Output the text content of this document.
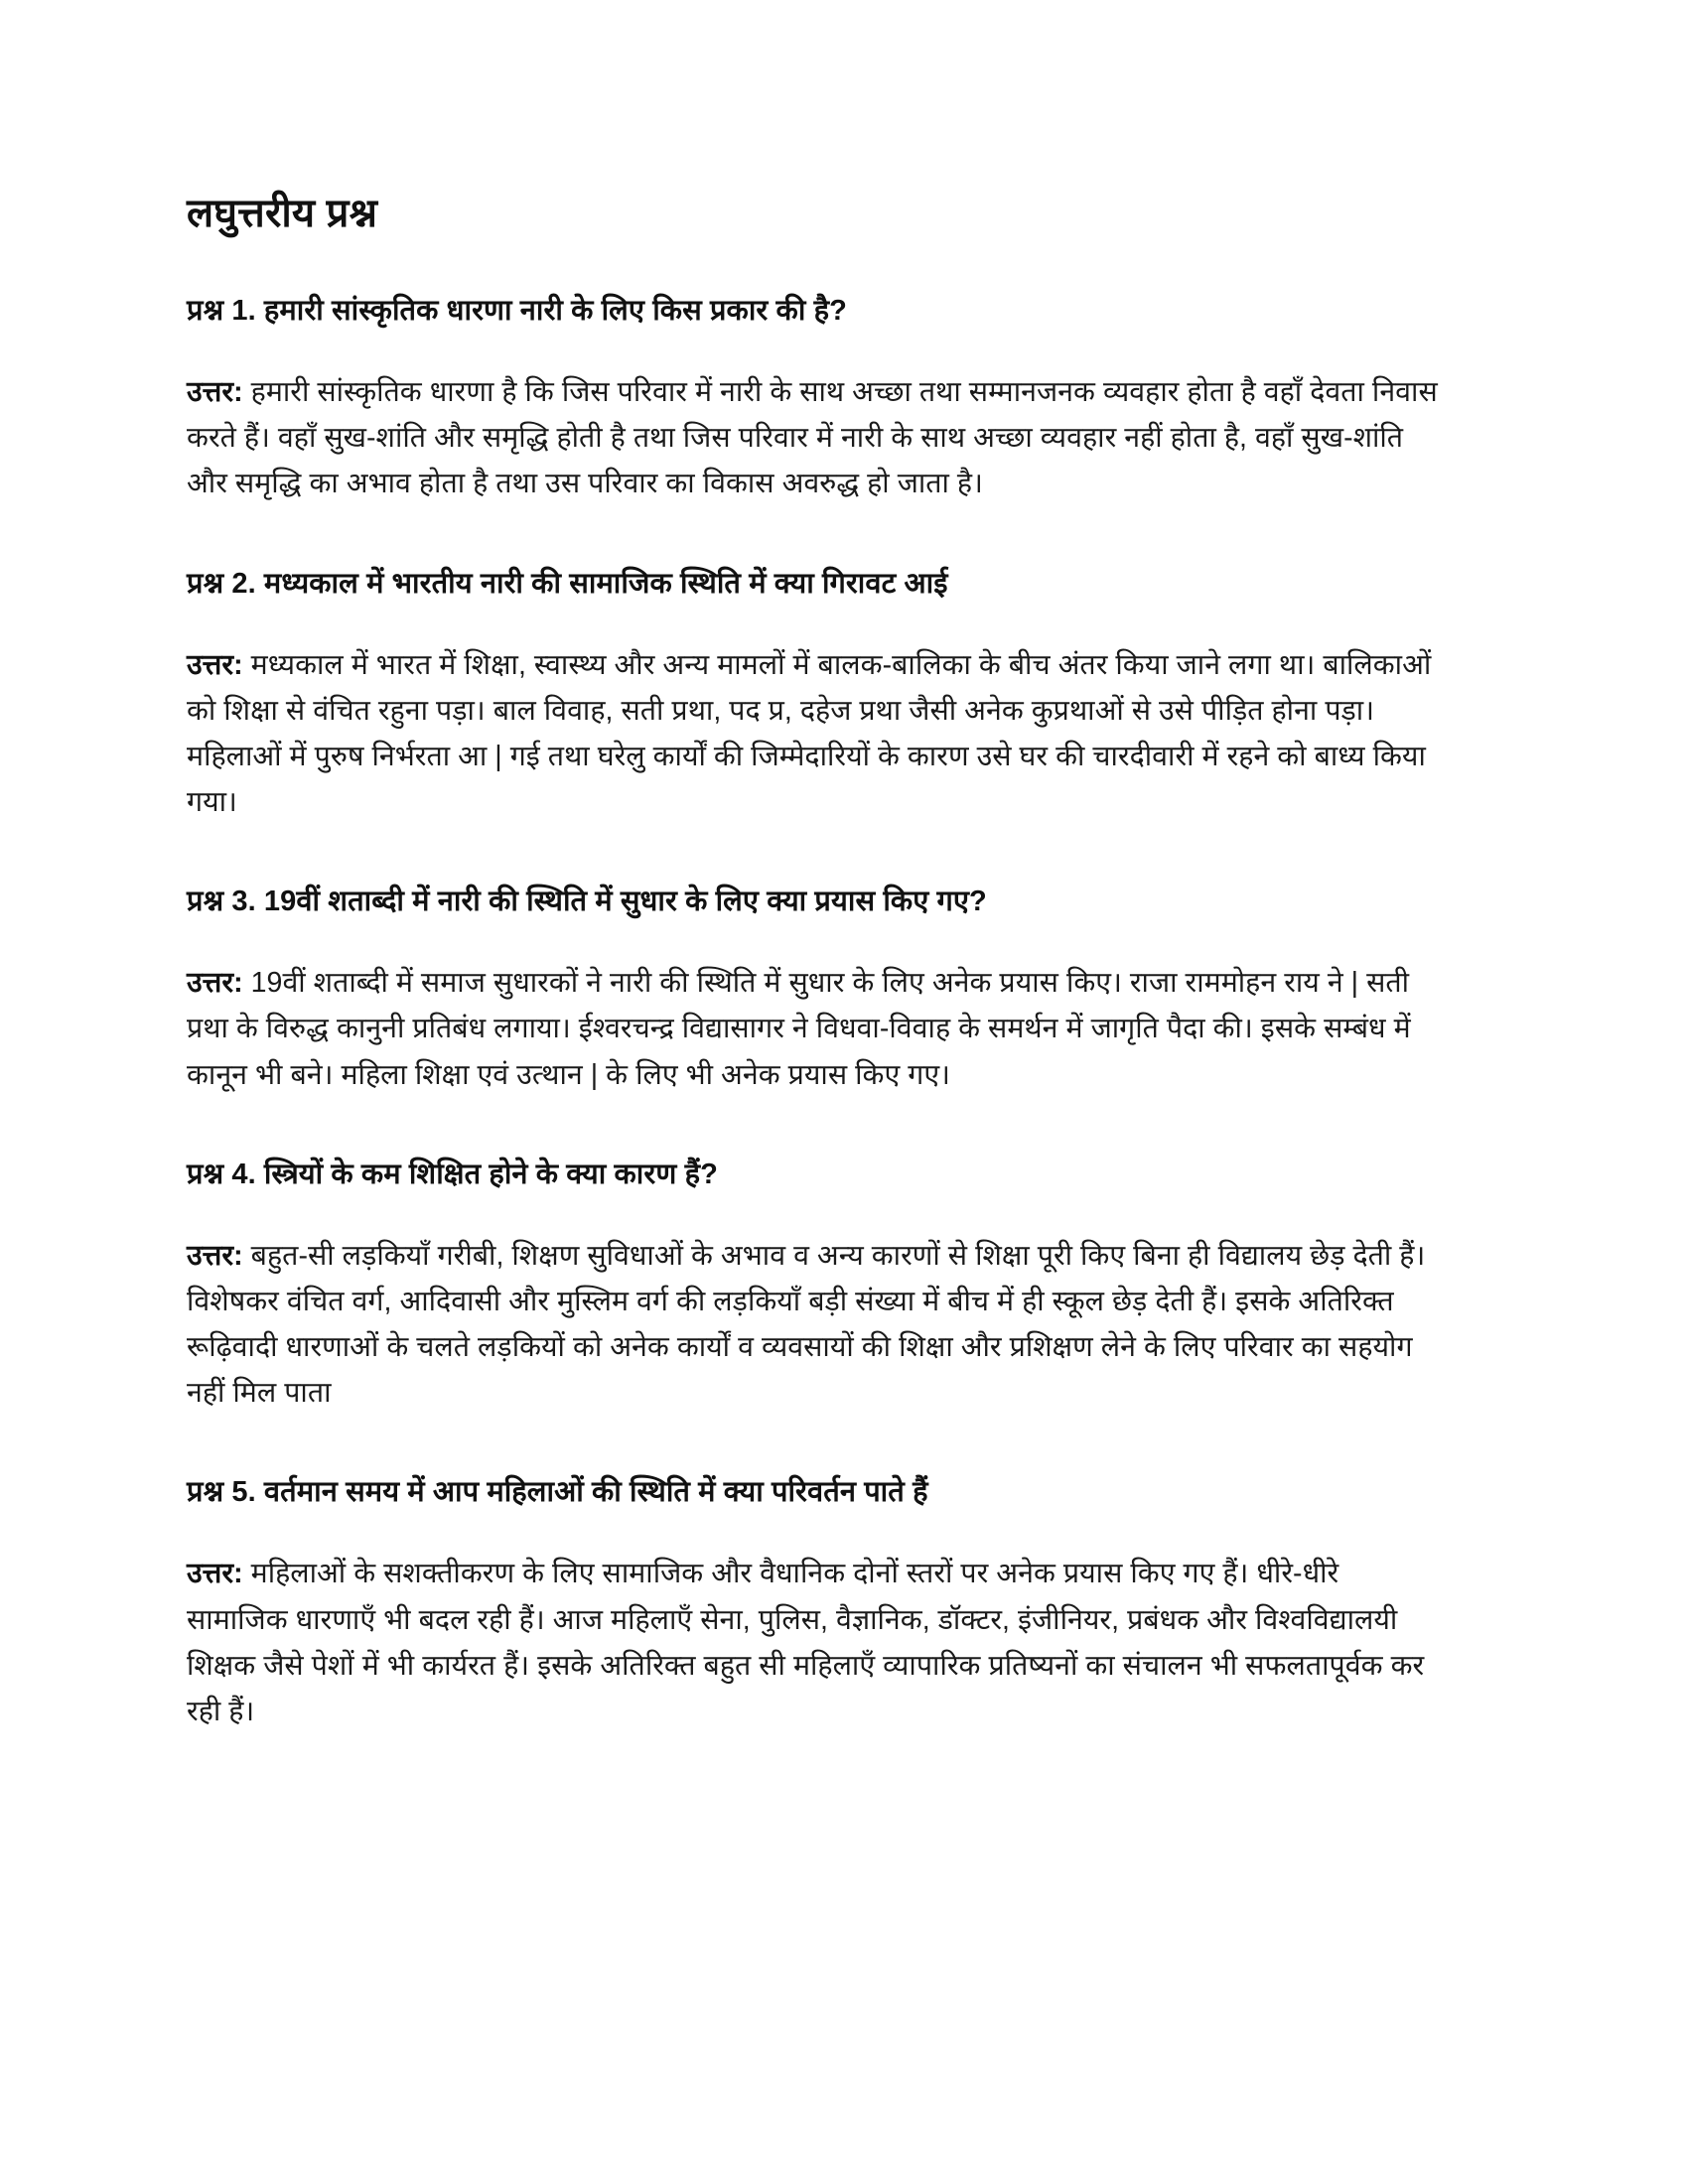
लघुत्तरीय प्रश्न
प्रश्न 1. हमारी सांस्कृतिक धारणा नारी के लिए किस प्रकार की है?

उत्तर: हमारी सांस्कृतिक धारणा है कि जिस परिवार में नारी के साथ अच्छा तथा सम्मानजनक व्यवहार होता है वहाँ देवता निवास करते हैं। वहाँ सुख-शांति और समृद्धि होती है तथा जिस परिवार में नारी के साथ अच्छा व्यवहार नहीं होता है, वहाँ सुख-शांति और समृद्धि का अभाव होता है तथा उस परिवार का विकास अवरुद्ध हो जाता है।

प्रश्न 2. मध्यकाल में भारतीय नारी की सामाजिक स्थिति में क्या गिरावट आई

उत्तर: मध्यकाल में भारत में शिक्षा, स्वास्थ्य और अन्य मामलों में बालक-बालिका के बीच अंतर किया जाने लगा था। बालिकाओं को शिक्षा से वंचित रहुना पड़ा। बाल विवाह, सती प्रथा, पद प्र, दहेज प्रथा जैसी अनेक कुप्रथाओं से उसे पीड़ित होना पड़ा। महिलाओं में पुरुष निर्भरता आ | गई तथा घरेलु कार्यों की जिम्मेदारियों के कारण उसे घर की चारदीवारी में रहने को बाध्य किया गया।

प्रश्न 3. 19वीं शताब्दी में नारी की स्थिति में सुधार के लिए क्या प्रयास किए गए?

उत्तर: 19वीं शताब्दी में समाज सुधारकों ने नारी की स्थिति में सुधार के लिए अनेक प्रयास किए। राजा राममोहन राय ने | सती प्रथा के विरुद्ध कानुनी प्रतिबंध लगाया। ईश्वरचन्द्र विद्यासागर ने विधवा-विवाह के समर्थन में जागृति पैदा की। इसके सम्बंध में कानून भी बने। महिला शिक्षा एवं उत्थान | के लिए भी अनेक प्रयास किए गए।

प्रश्न 4. स्त्रियों के कम शिक्षित होने के क्या कारण हैं?

उत्तर: बहुत-सी लड़कियाँ गरीबी, शिक्षण सुविधाओं के अभाव व अन्य कारणों से शिक्षा पूरी किए बिना ही विद्यालय छेड़ देती हैं। विशेषकर वंचित वर्ग, आदिवासी और मुस्लिम वर्ग की लड़कियाँ बड़ी संख्या में बीच में ही स्कूल छेड़ देती हैं। इसके अतिरिक्त रूढ़िवादी धारणाओं के चलते लड़कियों को अनेक कार्यों व व्यवसायों की शिक्षा और प्रशिक्षण लेने के लिए परिवार का सहयोग नहीं मिल पाता

प्रश्न 5. वर्तमान समय में आप महिलाओं की स्थिति में क्या परिवर्तन पाते हैं

उत्तर: महिलाओं के सशक्तीकरण के लिए सामाजिक और वैधानिक दोनों स्तरों पर अनेक प्रयास किए गए हैं। धीरे-धीरे सामाजिक धारणाएँ भी बदल रही हैं। आज महिलाएँ सेना, पुलिस, वैज्ञानिक, डॉक्टर, इंजीनियर, प्रबंधक और विश्वविद्यालयी शिक्षक जैसे पेशों में भी कार्यरत हैं। इसके अतिरिक्त बहुत सी महिलाएँ व्यापारिक प्रतिष्यनों का संचालन भी सफलतापूर्वक कर रही हैं।
